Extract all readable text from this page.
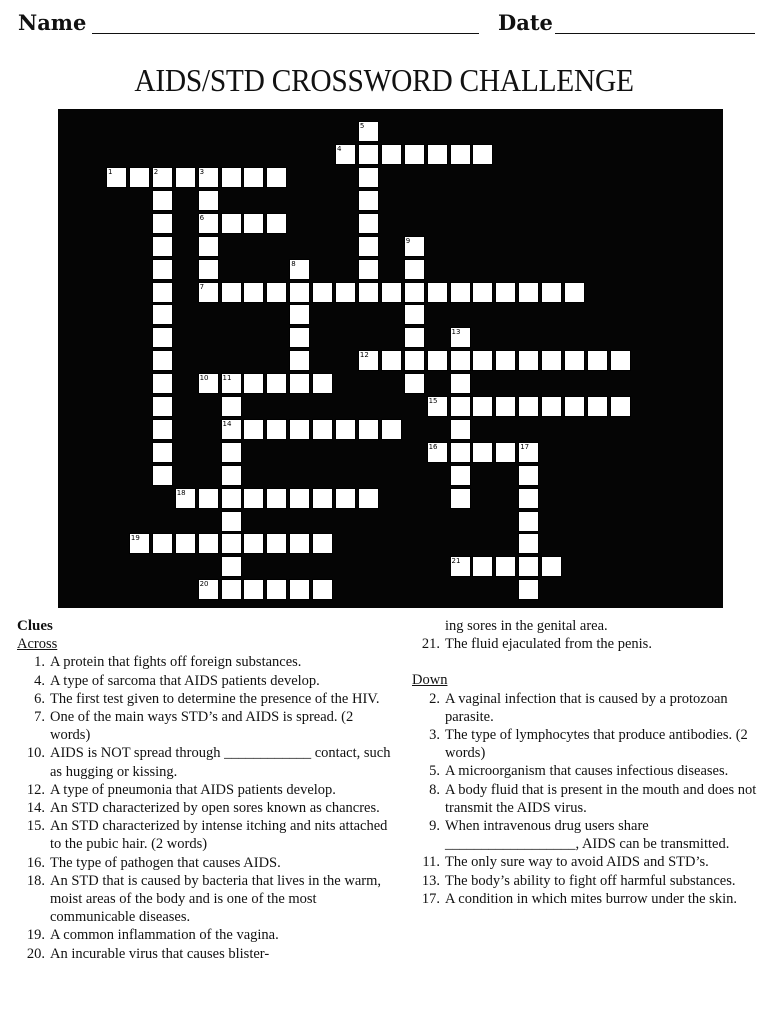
Name	Date
AIDS/STD CROSSWORD CHALLENGE
1	2	3
6
7
4
5
8
9
10 11
14
12
13
15
16	17
18
19
20
21
Clues
Across
1. A protein that fights off foreign substances.
4. A type of sarcoma that AIDS patients develop.
6. The first test given to determine the presence of the HIV.
7. One of the main ways STD’s and AIDS is spread. (2 words)
10. AIDS is NOT spread through ____________ contact, such as hugging or kissing.
12. A type of pneumonia that AIDS patients develop.
14. An STD characterized by open sores known as chancres.
15. An STD characterized by intense itching and nits attached to the pubic hair. (2 words)
16. The type of pathogen that causes AIDS.
18. An STD that is caused by bacteria that lives in the warm, moist areas of the body and is one of the most communicable diseases.
19. A common inflammation of the vagina.
20. An incurable virus that causes blister-
ing sores in the genital area.
21. The fluid ejaculated from the penis.
Down
2. A vaginal infection that is caused by a protozoan parasite.
3. The type of lymphocytes that produce antibodies. (2 words)
5. A microorganism that causes infectious diseases.
8. A body fluid that is present in the mouth and does not transmit the AIDS virus.
9. When intravenous drug users share __________________, AIDS can be transmitted.
11. The only sure way to avoid AIDS and STD’s.
13. The body’s ability to fight off harmful substances.
17. A condition in which mites burrow under the skin.
